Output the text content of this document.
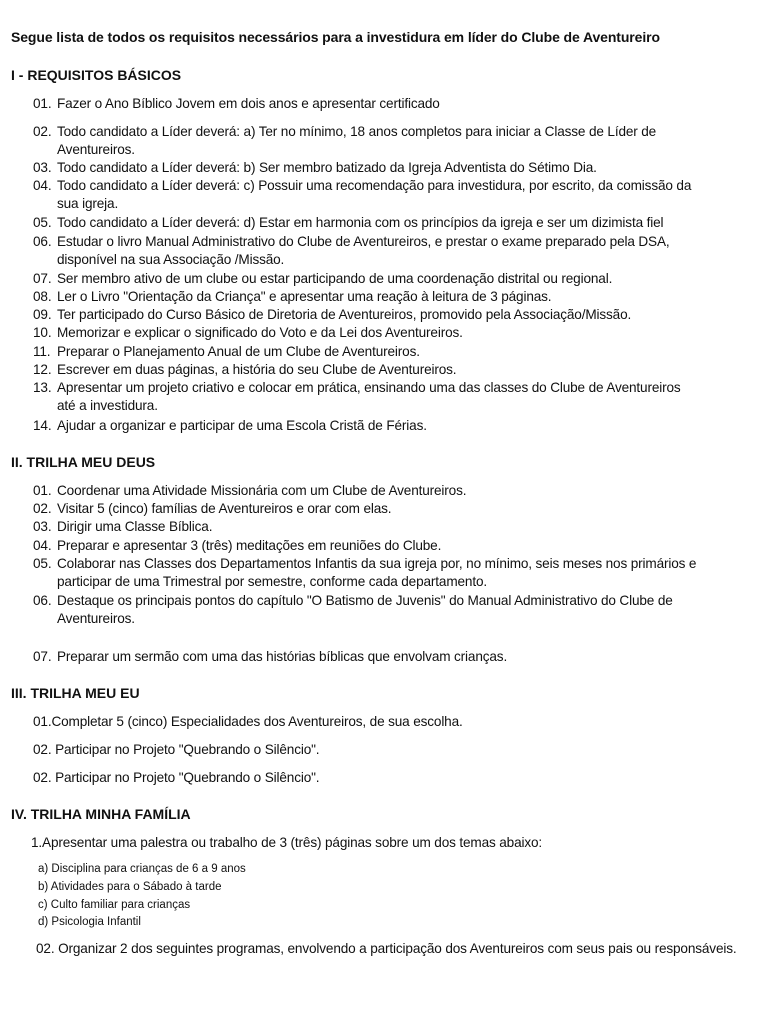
Segue lista de todos os requisitos necessários para a investidura em líder do Clube de Aventureiro
I - REQUISITOS BÁSICOS
01. Fazer o Ano Bíblico Jovem em dois anos e apresentar certificado
02. Todo candidato a Líder deverá: a) Ter no mínimo, 18 anos completos para iniciar a Classe de Líder de
Aventureiros.
03. Todo candidato a Líder deverá: b) Ser membro batizado da Igreja Adventista do Sétimo Dia.
04. Todo candidato a Líder deverá: c) Possuir uma recomendação para investidura, por escrito, da comissão da
sua igreja.
05. Todo candidato a Líder deverá: d) Estar em harmonia com os princípios da igreja e ser um dizimista fiel
06. Estudar o livro Manual Administrativo do Clube de Aventureiros, e prestar o exame preparado pela DSA,
disponível na sua Associação /Missão.
07. Ser membro ativo de um clube ou estar participando de uma coordenação distrital ou regional.
08. Ler o Livro "Orientação da Criança" e apresentar uma reação à leitura de 3 páginas.
09. Ter participado do Curso Básico de Diretoria de Aventureiros, promovido pela Associação/Missão.
10. Memorizar e explicar o significado do Voto e da Lei dos Aventureiros.
11. Preparar o Planejamento Anual de um Clube de Aventureiros.
12. Escrever em duas páginas, a história do seu Clube de Aventureiros.
13. Apresentar um projeto criativo e colocar em prática, ensinando uma das classes do Clube de Aventureiros
até a investidura.
14. Ajudar a organizar e participar de uma Escola Cristã de Férias.
II. TRILHA MEU DEUS
01. Coordenar uma Atividade Missionária com um Clube de Aventureiros.
02. Visitar 5 (cinco) famílias de Aventureiros e orar com elas.
03. Dirigir uma Classe Bíblica.
04. Preparar e apresentar 3 (três) meditações em reuniões do Clube.
05. Colaborar nas Classes dos Departamentos Infantis da sua igreja por, no mínimo, seis meses nos primários e
participar de uma Trimestral por semestre, conforme cada departamento.
06. Destaque os principais pontos do capítulo "O Batismo de Juvenis" do Manual Administrativo do Clube de
Aventureiros.
07. Preparar um sermão com uma das histórias bíblicas que envolvam crianças.
III. TRILHA MEU EU
01.Completar 5 (cinco) Especialidades dos Aventureiros, de sua escolha.
02. Participar no Projeto "Quebrando o Silêncio".
02. Participar no Projeto "Quebrando o Silêncio".
IV. TRILHA MINHA FAMÍLIA
1.Apresentar uma palestra ou trabalho de 3 (três) páginas sobre um dos temas abaixo:
a) Disciplina para crianças de 6 a 9 anos
b) Atividades para o Sábado à tarde
c) Culto familiar para crianças
d) Psicologia Infantil
02. Organizar 2 dos seguintes programas, envolvendo a participação dos Aventureiros com seus pais ou responsáveis.
